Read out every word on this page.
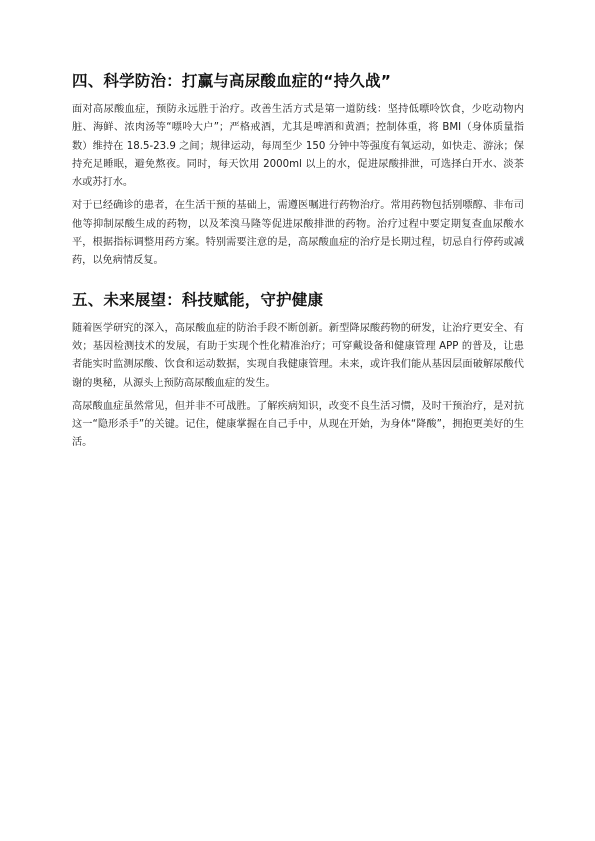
四、科学防治：打赢与高尿酸血症的“持久战”

面对高尿酸血症，预防永远胜于治疗。改善生活方式是第一道防线：坚持低嘌呤饮食，少吃动物内脏、海鲜、浓肉汤等“嘌呤大户”；严格戒酒，尤其是啤酒和黄酒；控制体重，将 BMI（身体质量指数）维持在 18.5-23.9 之间；规律运动，每周至少 150 分钟中等强度有氧运动，如快走、游泳；保持充足睡眠，避免熬夜。同时，每天饮用 2000ml 以上的水，促进尿酸排泄，可选择白开水、淡茶水或苏打水。

对于已经确诊的患者，在生活干预的基础上，需遵医嘱进行药物治疗。常用药物包括别嘌醇、非布司他等抑制尿酸生成的药物，以及苯溴马隆等促进尿酸排泄的药物。治疗过程中要定期复查血尿酸水平，根据指标调整用药方案。特别需要注意的是，高尿酸血症的治疗是长期过程，切忌自行停药或减药，以免病情反复。

五、未来展望：科技赋能，守护健康

随着医学研究的深入，高尿酸血症的防治手段不断创新。新型降尿酸药物的研发，让治疗更安全、有效；基因检测技术的发展，有助于实现个性化精准治疗；可穿戴设备和健康管理 APP 的普及，让患者能实时监测尿酸、饮食和运动数据，实现自我健康管理。未来，或许我们能从基因层面破解尿酸代谢的奥秘，从源头上预防高尿酸血症的发生。

高尿酸血症虽然常见，但并非不可战胜。了解疾病知识，改变不良生活习惯，及时干预治疗，是对抗这一“隐形杀手”的关键。记住，健康掌握在自己手中，从现在开始，为身体“降酸”，拥抱更美好的生活。
